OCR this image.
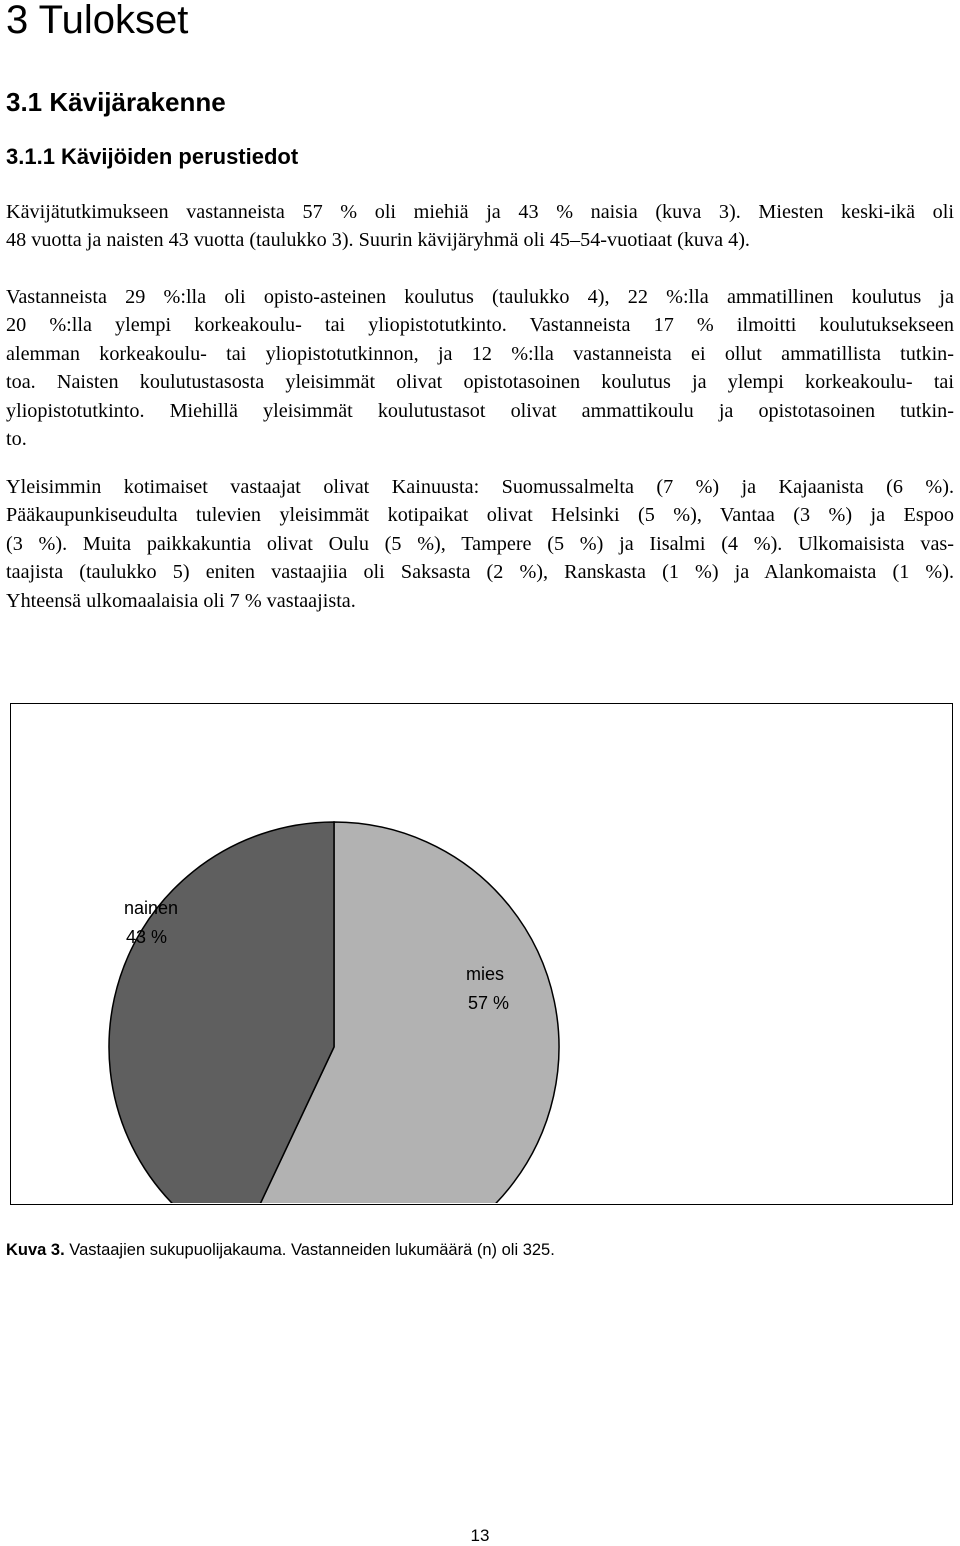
3 Tulokset
3.1 Kävijärakenne
3.1.1 Kävijöiden perustiedot

Kävijätutkimukseen vastanneista 57 % oli miehiä ja 43 % naisia (kuva 3). Miesten keski-ikä oli
48 vuotta ja naisten 43 vuotta (taulukko 3). Suurin kävijäryhmä oli 45–54-vuotiaat (kuva 4).

Vastanneista 29 %:lla oli opisto-asteinen koulutus (taulukko 4), 22 %:lla ammatillinen koulutus ja
20 %:lla ylempi korkeakoulu- tai yliopistotutkinto. Vastanneista 17 % ilmoitti koulutuksekseen
alemman korkeakoulu- tai yliopistotutkinnon, ja 12 %:lla vastanneista ei ollut ammatillista tutkin-
toa. Naisten koulutustasosta yleisimmät olivat opistotasoinen koulutus ja ylempi korkeakoulu- tai
yliopistotutkinto. Miehillä yleisimmät koulutustasot olivat ammattikoulu ja opistotasoinen tutkin-
to.

Yleisimmin kotimaiset vastaajat olivat Kainuusta: Suomussalmelta (7 %) ja Kajaanista (6 %).
Pääkaupunkiseudulta tulevien yleisimmät kotipaikat olivat Helsinki (5 %), Vantaa (3 %) ja Espoo
(3 %). Muita paikkakuntia olivat Oulu (5 %), Tampere (5 %) ja Iisalmi (4 %). Ulkomaisista vas-
taajista (taulukko 5) eniten vastaajiia oli Saksasta (2 %), Ranskasta (1 %) ja Alankomaista (1 %).
Yhteensä ulkomaalaisia oli 7 % vastaajista.

mies
57 %
nainen
43 %

Kuva 3. Vastaajien sukupuolijakauma. Vastanneiden lukumäärä (n) oli 325.

13
